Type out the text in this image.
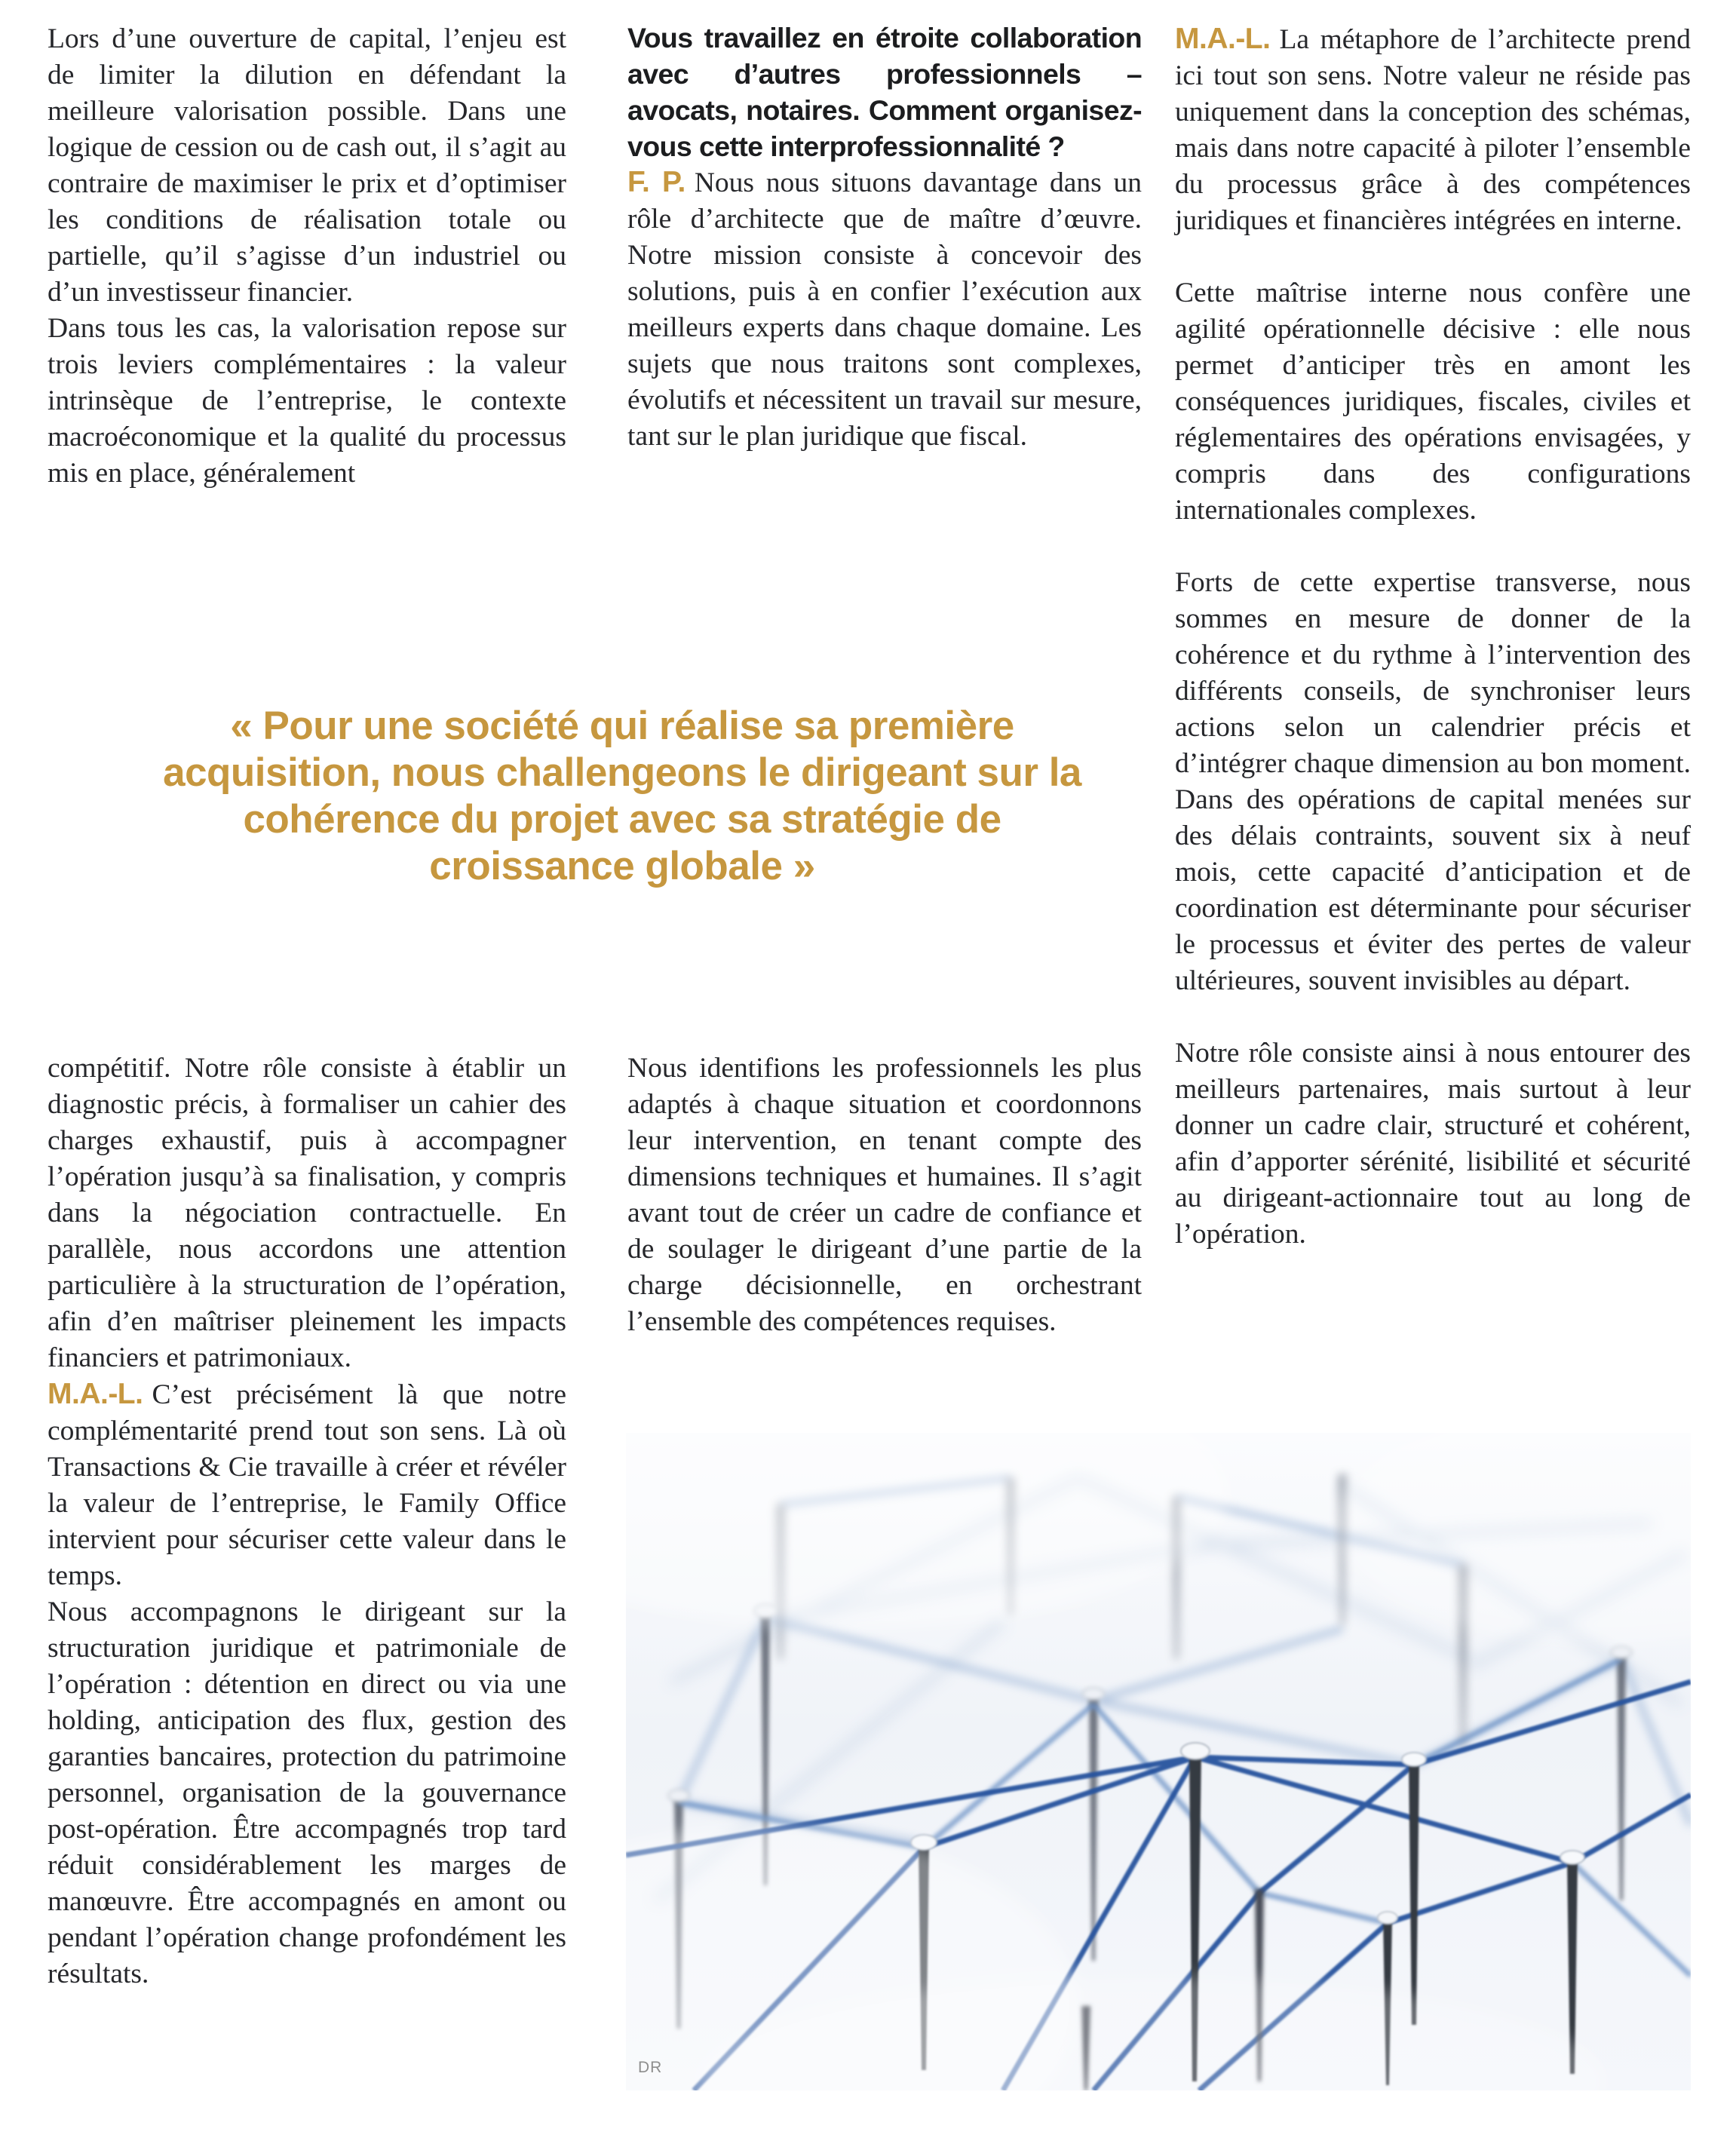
Lors d’une ouverture de capital, l’enjeu est de limiter la dilution en défendant la meilleure valorisation possible. Dans une logique de cession ou de cash out, il s’agit au contraire de maximiser le prix et d’optimiser les conditions de réalisation totale ou partielle, qu’il s’agisse d’un industriel ou d’un investisseur financier.

Dans tous les cas, la valorisation repose sur trois leviers complémentaires : la valeur intrinsèque de l’entreprise, le contexte macroéconomique et la qualité du processus mis en place, généralement

Vous travaillez en étroite collaboration avec d’autres professionnels – avocats, notaires. Comment organisez-vous cette interprofessionnalité ?

F. P. Nous nous situons davantage dans un rôle d’architecte que de maître d’œuvre. Notre mission consiste à concevoir des solutions, puis à en confier l’exécution aux meilleurs experts dans chaque domaine. Les sujets que nous traitons sont complexes, évolutifs et nécessitent un travail sur mesure, tant sur le plan juridique que fiscal.

M.A.-L. La métaphore de l’architecte prend ici tout son sens. Notre valeur ne réside pas uniquement dans la conception des schémas, mais dans notre capacité à piloter l’ensemble du processus grâce à des compétences juridiques et financières intégrées en interne.

Cette maîtrise interne nous confère une agilité opérationnelle décisive : elle nous permet d’anticiper très en amont les conséquences juridiques, fiscales, civiles et réglementaires des opérations envisagées, y compris dans des configurations internationales complexes.

Forts de cette expertise transverse, nous sommes en mesure de donner de la cohérence et du rythme à l’intervention des différents conseils, de synchroniser leurs actions selon un calendrier précis et d’intégrer chaque dimension au bon moment. Dans des opérations de capital menées sur des délais contraints, souvent six à neuf mois, cette capacité d’anticipation et de coordination est déterminante pour sécuriser le processus et éviter des pertes de valeur ultérieures, souvent invisibles au départ.

Notre rôle consiste ainsi à nous entourer des meilleurs partenaires, mais surtout à leur donner un cadre clair, structuré et cohérent, afin d’apporter sérénité, lisibilité et sécurité au dirigeant-actionnaire tout au long de l’opération.

« Pour une société qui réalise sa première acquisition, nous challengeons le dirigeant sur la cohérence du projet avec sa stratégie de croissance globale »

compétitif. Notre rôle consiste à établir un diagnostic précis, à formaliser un cahier des charges exhaustif, puis à accompagner l’opération jusqu’à sa finalisation, y compris dans la négociation contractuelle. En parallèle, nous accordons une attention particulière à la structuration de l’opération, afin d’en maîtriser pleinement les impacts financiers et patrimoniaux.

M.A.-L. C’est précisément là que notre complémentarité prend tout son sens. Là où Transactions & Cie travaille à créer et révéler la valeur de l’entreprise, le Family Office intervient pour sécuriser cette valeur dans le temps.

Nous accompagnons le dirigeant sur la structuration juridique et patrimoniale de l’opération : détention en direct ou via une holding, anticipation des flux, gestion des garanties bancaires, protection du patrimoine personnel, organisation de la gouvernance post-opération. Être accompagnés trop tard réduit considérablement les marges de manœuvre. Être accompagnés en amont ou pendant l’opération change profondément les résultats.

Nous identifions les professionnels les plus adaptés à chaque situation et coordonnons leur intervention, en tenant compte des dimensions techniques et humaines. Il s’agit avant tout de créer un cadre de confiance et de soulager le dirigeant d’une partie de la charge décisionnelle, en orchestrant l’ensemble des compétences requises.

DR
